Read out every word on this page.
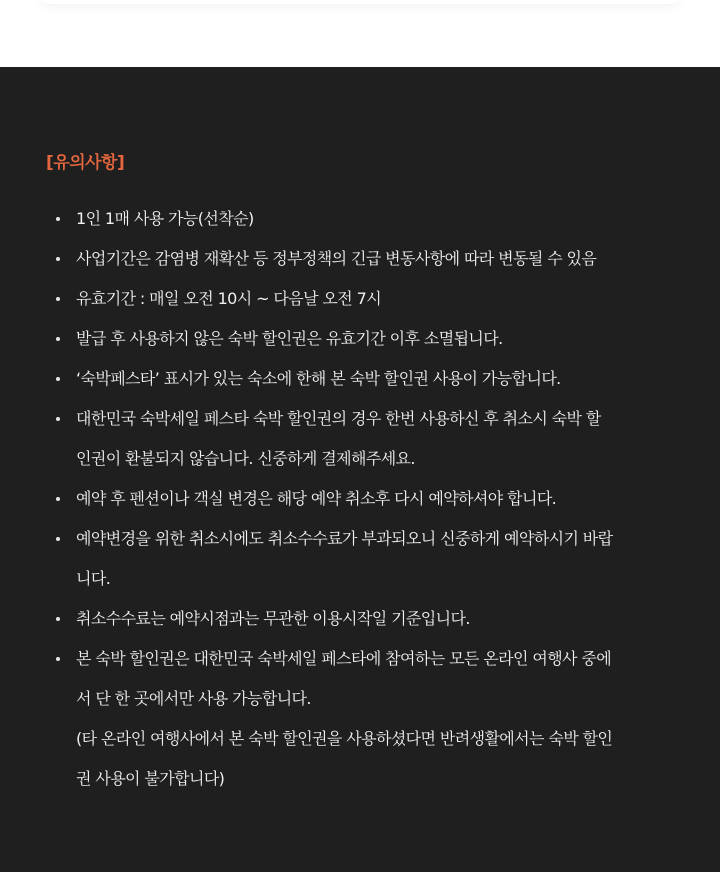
[유의사항]
1인 1매 사용 가능(선착순)
사업기간은 감염병 재확산 등 정부정책의 긴급 변동사항에 따라 변동될 수 있음
유효기간 : 매일 오전 10시 ~ 다음날 오전 7시
발급 후 사용하지 않은 숙박 할인권은 유효기간 이후 소멸됩니다.
‘숙박페스타’ 표시가 있는 숙소에 한해 본 숙박 할인권 사용이 가능합니다.
대한민국 숙박세일 페스타 숙박 할인권의 경우 한번 사용하신 후 취소시 숙박 할
인권이 환불되지 않습니다. 신중하게 결제해주세요.
예약 후 펜션이나 객실 변경은 해당 예약 취소후 다시 예약하셔야 합니다.
예약변경을 위한 취소시에도 취소수수료가 부과되오니 신중하게 예약하시기 바랍
니다.
취소수수료는 예약시점과는 무관한 이용시작일 기준입니다.
본 숙박 할인권은 대한민국 숙박세일 페스타에 참여하는 모든 온라인 여행사 중에
서 단 한 곳에서만 사용 가능합니다.
(타 온라인 여행사에서 본 숙박 할인권을 사용하셨다면 반려생활에서는 숙박 할인
권 사용이 불가합니다)
